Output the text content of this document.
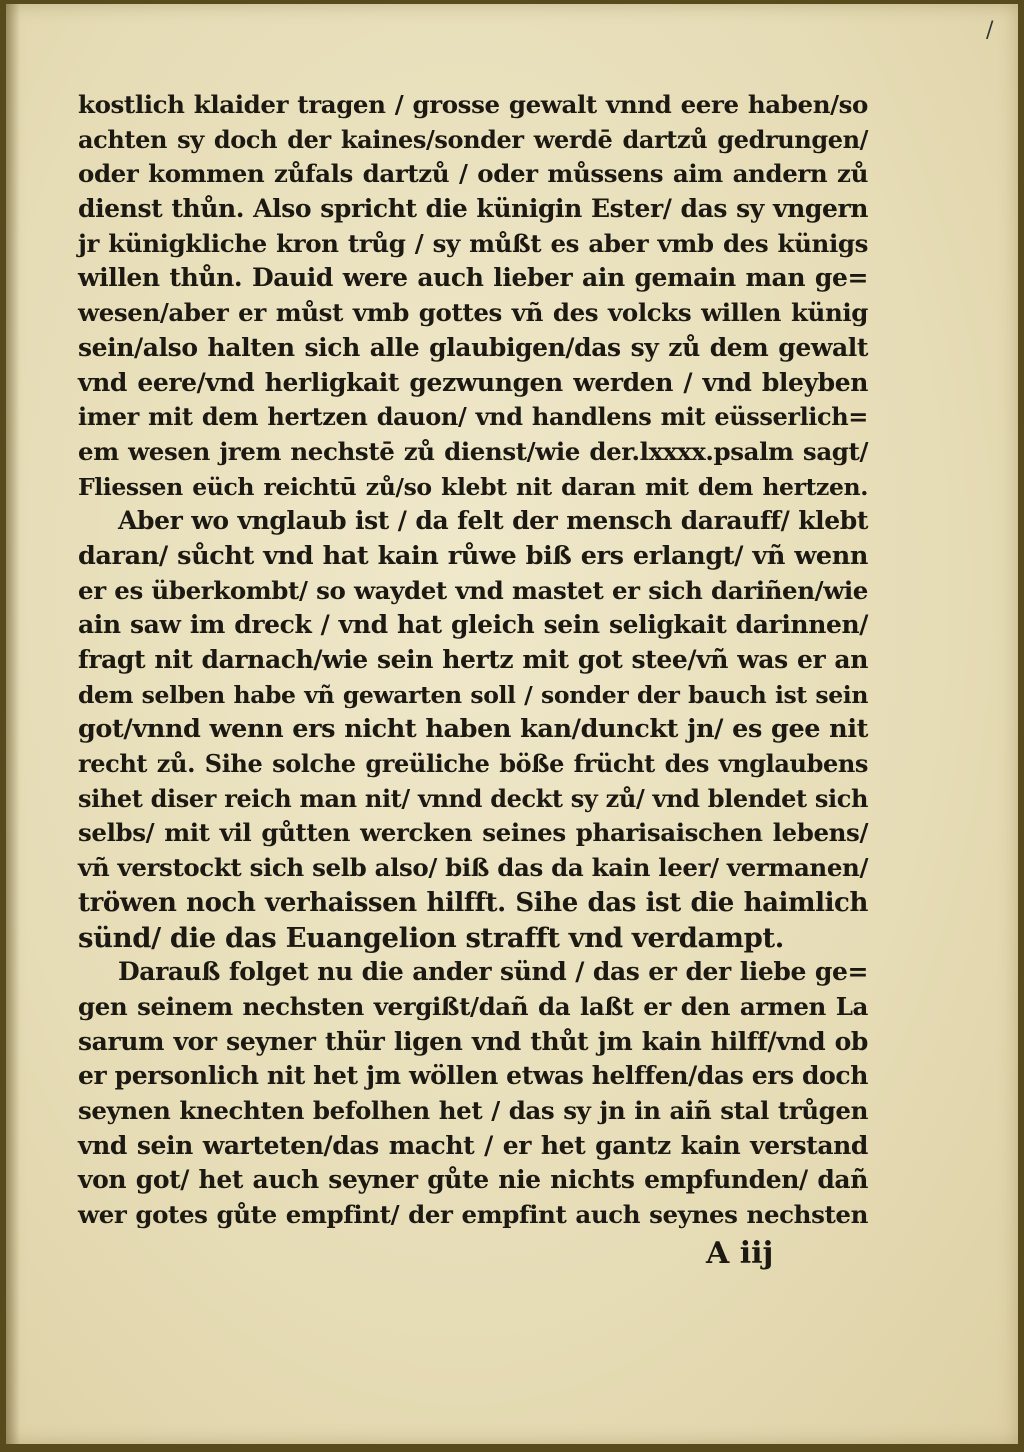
/
kostlich klaider tragen / grosse gewalt vnnd eere haben/so
achten sy doch der kaines/sonder werdē dartzů gedrungen/
oder kommen zůfals dartzů / oder můssens aim andern zů
dienst thůn. Also spricht die künigin Ester/ das sy vngern
jr künigkliche kron trůg / sy můßt es aber vmb des künigs
willen thůn. Dauid were auch lieber ain gemain man ge=
wesen/aber er můst vmb gottes vñ des volcks willen künig
sein/also halten sich alle glaubigen/das sy zů dem gewalt
vnd eere/vnd herligkait gezwungen werden / vnd bleyben
imer mit dem hertzen dauon/ vnd handlens mit eüsserlich=
em wesen jrem nechstē zů dienst/wie der.lxxxx.psalm sagt/
Fliessen eüch reichtū zů/so klebt nit daran mit dem hertzen.
Aber wo vnglaub ist / da felt der mensch darauff/ klebt
daran/ sůcht vnd hat kain růwe biß ers erlangt/ vñ wenn
er es überkombt/ so waydet vnd mastet er sich dariñen/wie
ain saw im dreck / vnd hat gleich sein seligkait darinnen/
fragt nit darnach/wie sein hertz mit got stee/vñ was er an
dem selben habe vñ gewarten soll / sonder der bauch ist sein
got/vnnd wenn ers nicht haben kan/dunckt jn/ es gee nit
recht zů. Sihe solche greüliche böße frücht des vnglaubens
sihet diser reich man nit/ vnnd deckt sy zů/ vnd blendet sich
selbs/ mit vil gůtten wercken seines pharisaischen lebens/
vñ verstockt sich selb also/ biß das da kain leer/ vermanen/
tröwen noch verhaissen hilfft. Sihe das ist die haimlich
sünd/ die das Euangelion strafft vnd verdampt.
Darauß folget nu die ander sünd / das er der liebe ge=
gen seinem nechsten vergißt/dañ da laßt er den armen La
sarum vor seyner thür ligen vnd thůt jm kain hilff/vnd ob
er personlich nit het jm wöllen etwas helffen/das ers doch
seynen knechten befolhen het / das sy jn in aiñ stal trůgen
vnd sein warteten/das macht / er het gantz kain verstand
von got/ het auch seyner gůte nie nichts empfunden/ dañ
wer gotes gůte empfint/ der empfint auch seynes nechsten
A iij
